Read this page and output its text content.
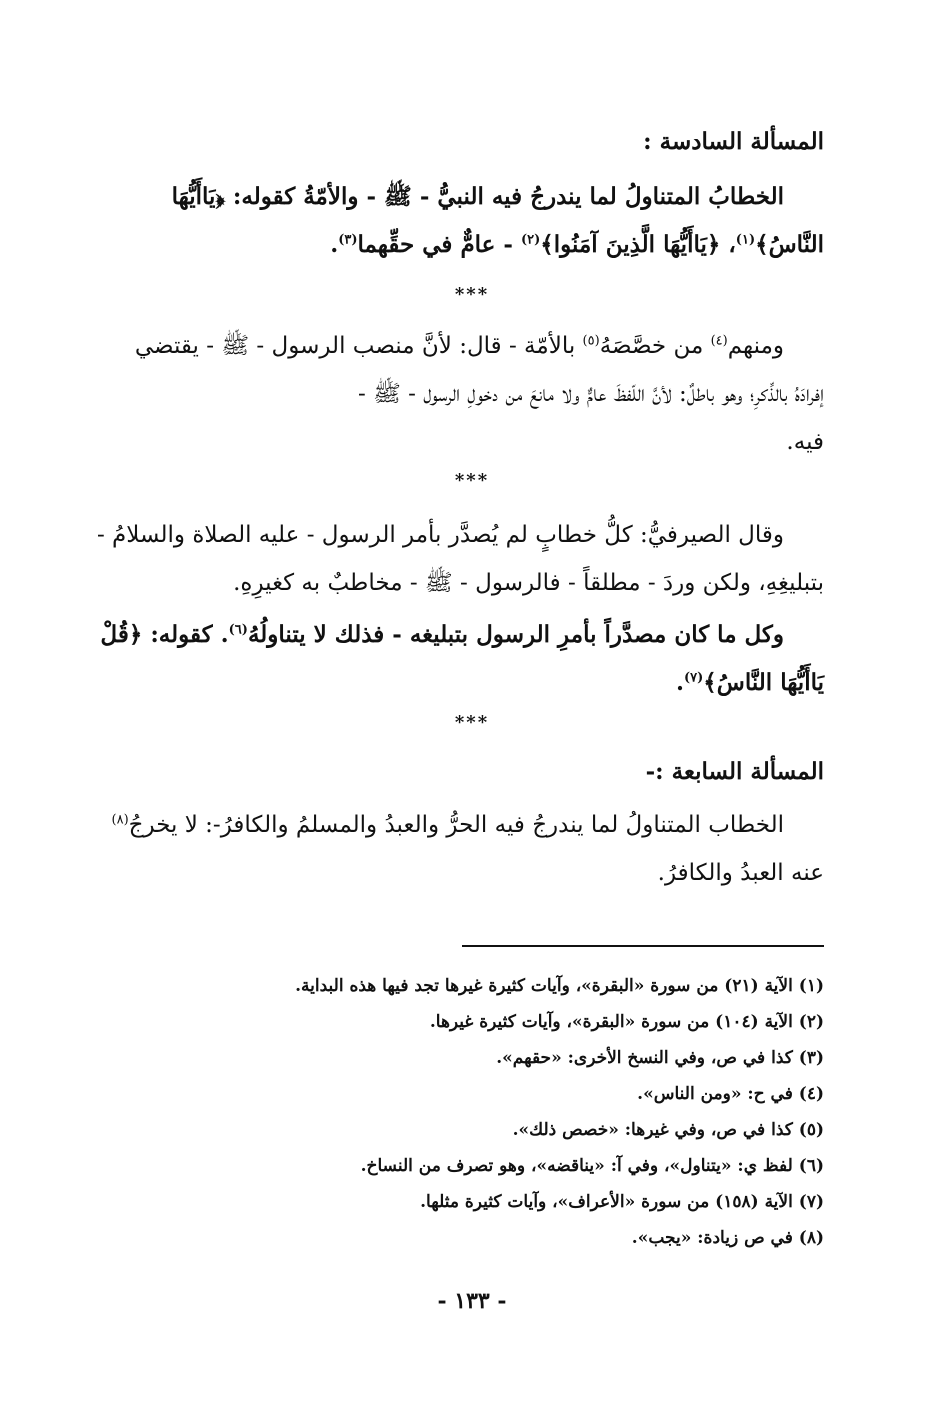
المسألة السادسة :
الخطابُ المتناولُ لما يندرجُ فيه النبيُّ - ﷺ - والأمّةُ كقوله: ﴿يَاأَيُّهَا
النَّاسُ﴾$^{(١)}$، ﴿يَاأَيُّهَا الَّذِينَ آمَنُوا﴾$^{(٢)}$ - عامٌّ في حقِّهما$^{(٣)}$.
***
ومنهم$^{(٤)}$ من خصَّصَهُ$^{(٥)}$ بالأمّة - قال: لأنَّ منصب الرسول - ﷺ - يقتضي
إفرادَهُ بالذِّكرِ؛ وهو باطلٌ: لأنَّ اللّفظَ عامٌّ ولا مانعَ من دخولِ الرسول - ﷺ -
فيه.
***
وقال الصيرفيُّ: كلُّ خطابٍ لم يُصدَّر بأمر الرسول - عليه الصلاة والسلامُ -
بتبليغِهِ، ولكن وردَ - مطلقاً - فالرسول - ﷺ - مخاطبٌ به كغيرِهِ.
وكل ما كان مصدَّراً بأمرِ الرسول بتبليغه - فذلك لا يتناولُهُ$^{(٦)}$. كقوله: ﴿قُلْ
يَاأَيُّهَا النَّاسُ﴾$^{(٧)}$.
***
المسألة السابعة :-
الخطاب المتناولُ لما يندرجُ فيه الحرُّ والعبدُ والمسلمُ والكافرُ-: لا يخرجُ$^{(٨)}$
عنه العبدُ والكافرُ.
(١) الآية (٢١) من سورة «البقرة»، وآيات كثيرة غيرها تجد فيها هذه البداية.
(٢) الآية (١٠٤) من سورة «البقرة»، وآيات كثيرة غيرها.
(٣) كذا في ص، وفي النسخ الأخرى: «حقهم».
(٤) في ح: «ومن الناس».
(٥) كذا في ص، وفي غيرها: «خصص ذلك».
(٦) لفظ ي: «يتناول»، وفي آ: «يناقضه»، وهو تصرف من النساخ.
(٧) الآية (١٥٨) من سورة «الأعراف»، وآيات كثيرة مثلها.
(٨) في ص زيادة: «يجب».
- ١٣٣ -
